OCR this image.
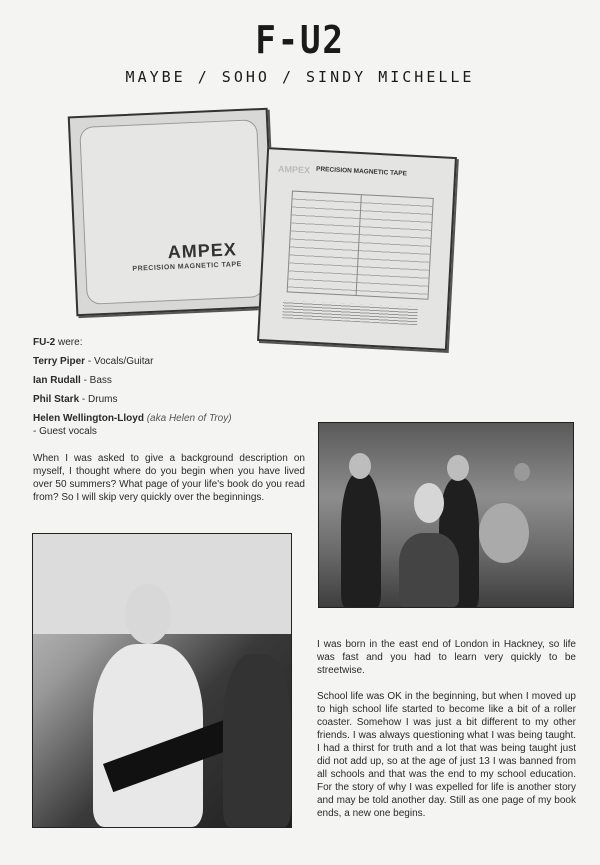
F-U2
MAYBE / SOHO / SINDY MICHELLE
AMPEX
PRECISION MAGNETIC TAPE
AMPEX PRECISION MAGNETIC TAPE

FU-2 were:

Terry Piper - Vocals/Guitar

Ian Rudall - Bass

Phil Stark - Drums

Helen Wellington-Lloyd (aka Helen of Troy)

- Guest vocals

When I was asked to give a background description on myself, I thought where do you begin when you have lived over 50 summers? What page of your life's book do you read from? So I will skip very quickly over the beginnings.
I was born in the east end of London in Hackney, so life was fast and you had to learn very quickly to be streetwise.
School life was OK in the beginning, but when I moved up to high school life started to become like a bit of a roller coaster. Somehow I was just a bit different to my other friends. I was always questioning what I was being taught. I had a thirst for truth and a lot that was being taught just did not add up, so at the age of just 13 I was banned from all schools and that was the end to my school education. For the story of why I was expelled for life is another story and may be told another day. Still as one page of my book ends, a new one begins.
